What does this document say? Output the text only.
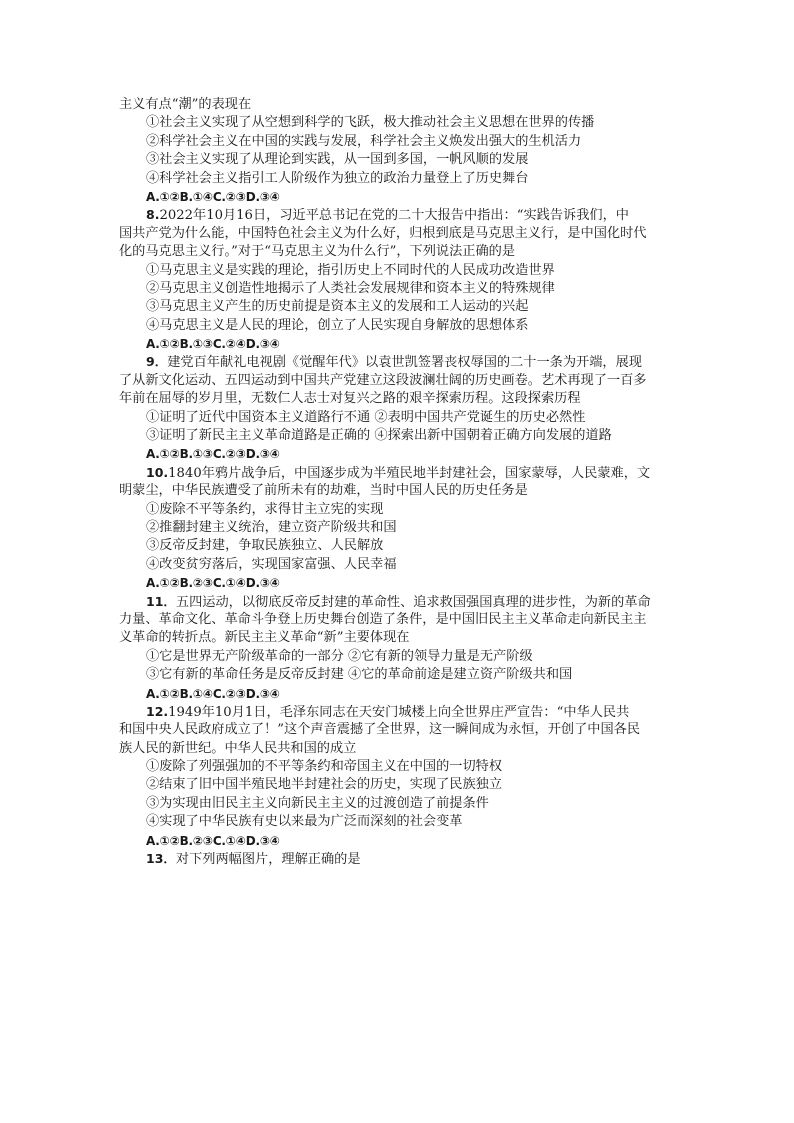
主义有点“潮”的表现在
①社会主义实现了从空想到科学的飞跃，极大推动社会主义思想在世界的传播
②科学社会主义在中国的实践与发展，科学社会主义焕发出强大的生机活力
③社会主义实现了从理论到实践，从一国到多国，一帆风顺的发展
④科学社会主义指引工人阶级作为独立的政治力量登上了历史舞台
A.①②B.①④C.②③D.③④
8.2022年10月16日，习近平总书记在党的二十大报告中指出：“实践告诉我们，中
国共产党为什么能，中国特色社会主义为什么好，归根到底是马克思主义行，是中国化时代
化的马克思主义行。”对于“马克思主义为什么行”，下列说法正确的是
①马克思主义是实践的理论，指引历史上不同时代的人民成功改造世界
②马克思主义创造性地揭示了人类社会发展规律和资本主义的特殊规律
③马克思主义产生的历史前提是资本主义的发展和工人运动的兴起
④马克思主义是人民的理论，创立了人民实现自身解放的思想体系
A.①②B.①③C.②④D.③④
9．建党百年献礼电视剧《觉醒年代》以袁世凯签署丧权辱国的二十一条为开端，展现
了从新文化运动、五四运动到中国共产党建立这段波澜壮阔的历史画卷。艺术再现了一百多
年前在屈辱的岁月里，无数仁人志士对复兴之路的艰辛探索历程。这段探索历程
①证明了近代中国资本主义道路行不通 ②表明中国共产党诞生的历史必然性
③证明了新民主主义革命道路是正确的 ④探索出新中国朝着正确方向发展的道路
A.①②B.①③C.②③D.③④
10.1840年鸦片战争后，中国逐步成为半殖民地半封建社会，国家蒙辱，人民蒙难，文
明蒙尘，中华民族遭受了前所未有的劫难，当时中国人民的历史任务是
①废除不平等条约，求得甘主立宪的实现
②推翻封建主义统治，建立资产阶级共和国
③反帝反封建，争取民族独立、人民解放
④改变贫穷落后，实现国家富强、人民幸福
A.①②B.②③C.①④D.③④
11．五四运动，以彻底反帝反封建的革命性、追求救国强国真理的进步性，为新的革命
力量、革命文化、革命斗争登上历史舞台创造了条件，是中国旧民主主义革命走向新民主主
义革命的转折点。新民主主义革命“新”主要体现在
①它是世界无产阶级革命的一部分 ②它有新的领导力量是无产阶级
③它有新的革命任务是反帝反封建 ④它的革命前途是建立资产阶级共和国
A.①②B.①④C.②③D.③④
12.1949年10月1日，毛泽东同志在天安门城楼上向全世界庄严宣告：“中华人民共
和国中央人民政府成立了！”这个声音震撼了全世界，这一瞬间成为永恒，开创了中国各民
族人民的新世纪。中华人民共和国的成立
①废除了列强强加的不平等条约和帝国主义在中国的一切特权
②结束了旧中国半殖民地半封建社会的历史，实现了民族独立
③为实现由旧民主主义向新民主主义的过渡创造了前提条件
④实现了中华民族有史以来最为广泛而深刻的社会变革
A.①②B.②③C.①④D.③④
13．对下列两幅图片，理解正确的是
